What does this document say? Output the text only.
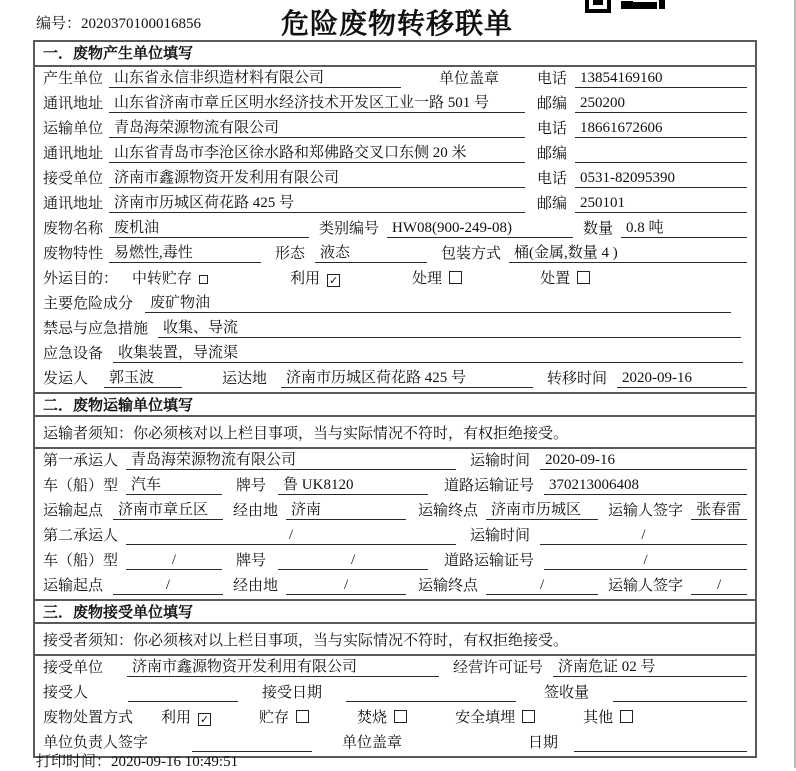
编号：2020370100016856	危险废物转移联单
一．废物产生单位填写
产生单位 山东省永信非织造材料有限公司	单位盖章	电话 13854169160
通讯地址 山东省济南市章丘区明水经济技术开发区工业一路 501 号	邮编 250200
运输单位 青岛海荣源物流有限公司	电话 18661672606
通讯地址 山东省青岛市李沧区徐水路和郑佛路交叉口东侧 20 米	邮编
接受单位 济南市鑫源物资开发利用有限公司	电话 0531-82095390
通讯地址 济南市历城区荷花路 425 号	邮编 250101
废物名称 废机油	类别编号 HW08(900-249-08)	数量 0.8 吨
废物特性 易燃性,毒性	形态	液态	包装方式 桶(金属,数量 4 )
外运目的： 中转贮存	利用 ✓	处理	处置
主要危险成分	废矿物油
禁忌与应急措施	收集、导流
应急设备	收集装置，导流渠
发运人	郭玉波	运达地	济南市历城区荷花路 425 号	转移时间	2020-09-16
二．废物运输单位填写
运输者须知：你必须核对以上栏目事项，当与实际情况不符时，有权拒绝接受。
第一承运人 青岛海荣源物流有限公司	运输时间	2020-09-16
车（船）型 汽车	牌号	鲁 UK8120	道路运输证号	370213006408
运输起点	济南市章丘区	经由地 济南	运输终点 济南市历城区	运输人签字 张春雷
第二承运人	/	运输时间	/
车（船）型	/	牌号	/	道路运输证号	/
运输起点	/	经由地	/	运输终点	/	运输人签字	/
三．废物接受单位填写
接受者须知：你必须核对以上栏目事项，当与实际情况不符时，有权拒绝接受。
接受单位	济南市鑫源物资开发利用有限公司	经营许可证号	济南危证 02 号
接受人	接受日期	签收量
废物处置方式 利用 ✓	贮存	焚烧	安全填埋	其他
单位负责人签字	单位盖章	日期
打印时间：2020-09-16 10:49:51
